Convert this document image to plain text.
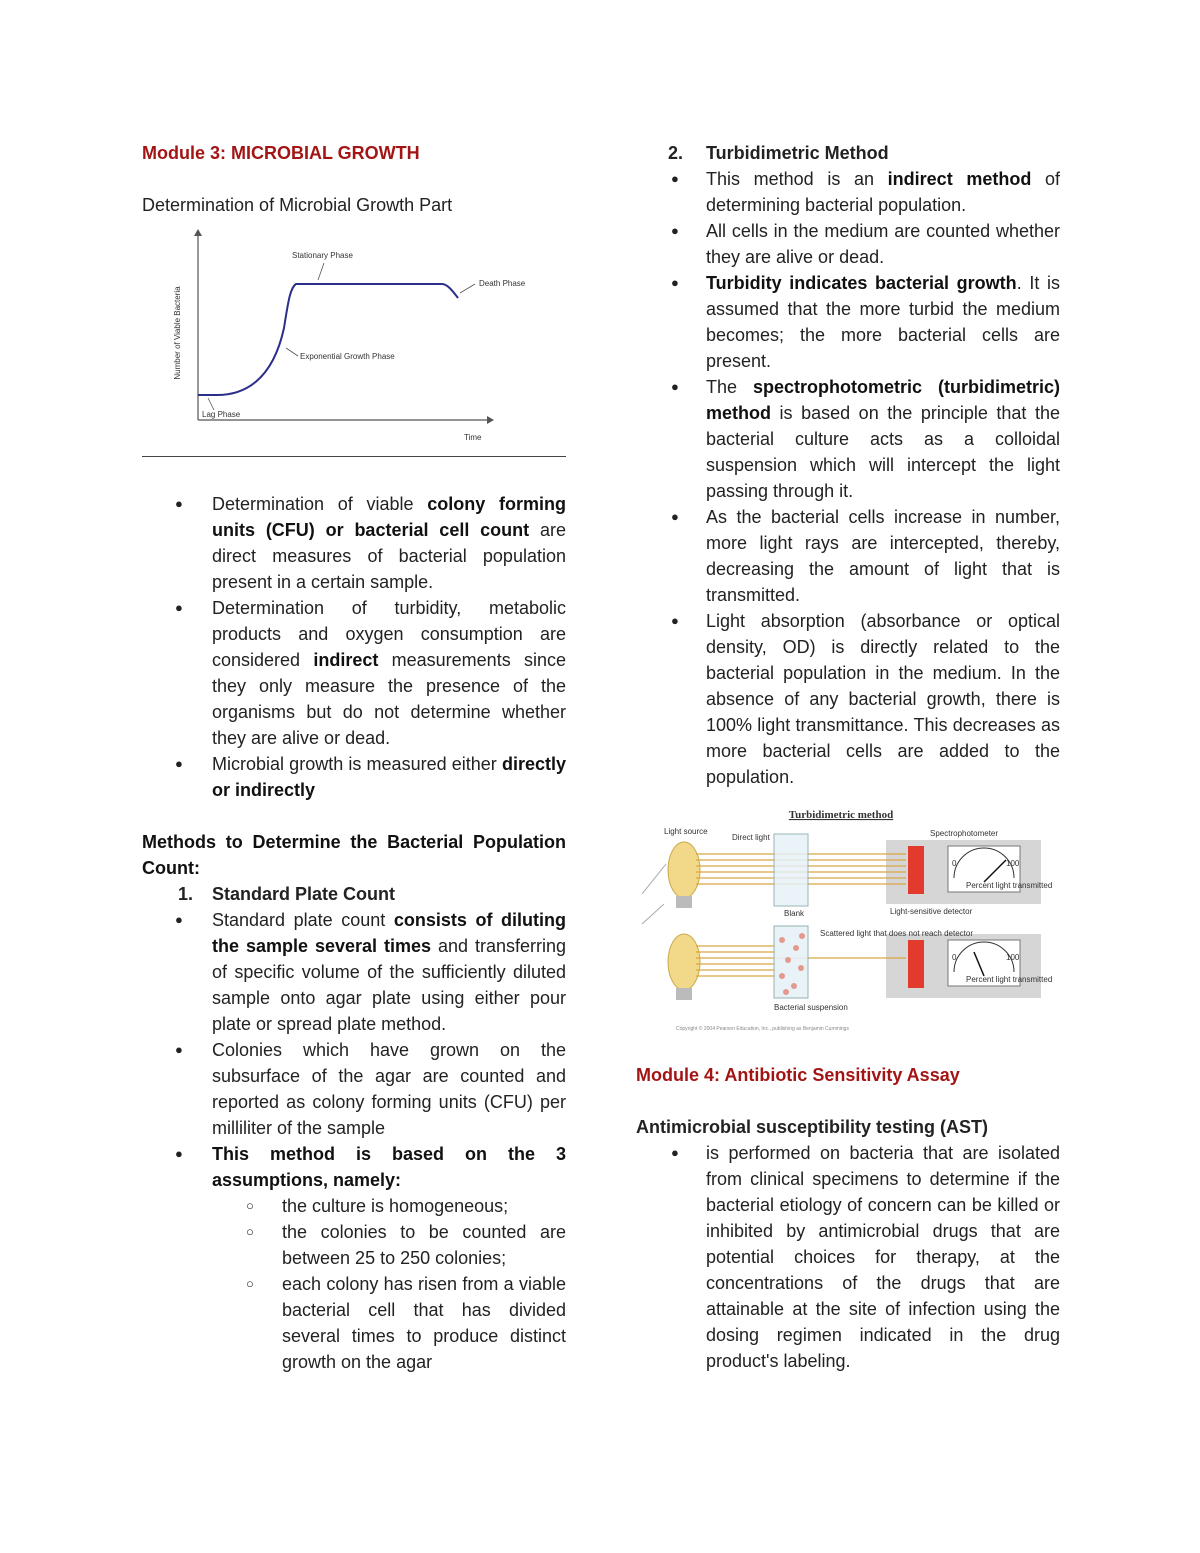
Module 3: MICROBIAL GROWTH

Determination of Microbial Growth Part

Number of Viable Bacteria
Time
Stationary Phase
Death Phase
Exponential Growth Phase
Lag Phase
● Determination of viable colony forming units (CFU) or bacterial cell count are direct measures of bacterial population present in a certain sample.
● Determination of turbidity, metabolic products and oxygen consumption are considered indirect measurements since they only measure the presence of the organisms but do not determine whether they are alive or dead.
● Microbial growth is measured either directly or indirectly

Methods to Determine the Bacterial Population Count:

1. Standard Plate Count
● Standard plate count consists of diluting the sample several times and transferring of specific volume of the sufficiently diluted sample onto agar plate using either pour plate or spread plate method.
● Colonies which have grown on the subsurface of the agar are counted and reported as colony forming units (CFU) per milliliter of the sample
● This method is based on the 3 assumptions, namely:
○ the culture is homogeneous;
○ the colonies to be counted are between 25 to 250 colonies;
○ each colony has risen from a viable bacterial cell that has divided several times to produce distinct growth on the agar
2. Turbidimetric Method
● This method is an indirect method of determining bacterial population.
● All cells in the medium are counted whether they are alive or dead.
● Turbidity indicates bacterial growth. It is assumed that the more turbid the medium becomes; the more bacterial cells are present.
● The spectrophotometric (turbidimetric) method is based on the principle that the bacterial culture acts as a colloidal suspension which will intercept the light passing through it.
● As the bacterial cells increase in number, more light rays are intercepted, thereby, decreasing the amount of light that is transmitted.
● Light absorption (absorbance or optical density, OD) is directly related to the bacterial population in the medium. In the absence of any bacterial growth, there is 100% light transmittance. This decreases as more bacterial cells are added to the population.
Turbidimetric method
Spectrophotometer
Light source
Direct light
Blank	Light-sensitive detector
0	100
Percent light transmitted
Scattered light that does not reach detector
Bacterial suspension
0	100
Percent light transmitted
Copyright © 2004 Pearson Education, Inc., publishing as Benjamin Cummings

Module 4: Antibiotic Sensitivity Assay

Antimicrobial susceptibility testing (AST)

● is performed on bacteria that are isolated from clinical specimens to determine if the bacterial etiology of concern can be killed or inhibited by antimicrobial drugs that are potential choices for therapy, at the concentrations of the drugs that are attainable at the site of infection using the dosing regimen indicated in the drug product's labeling.
